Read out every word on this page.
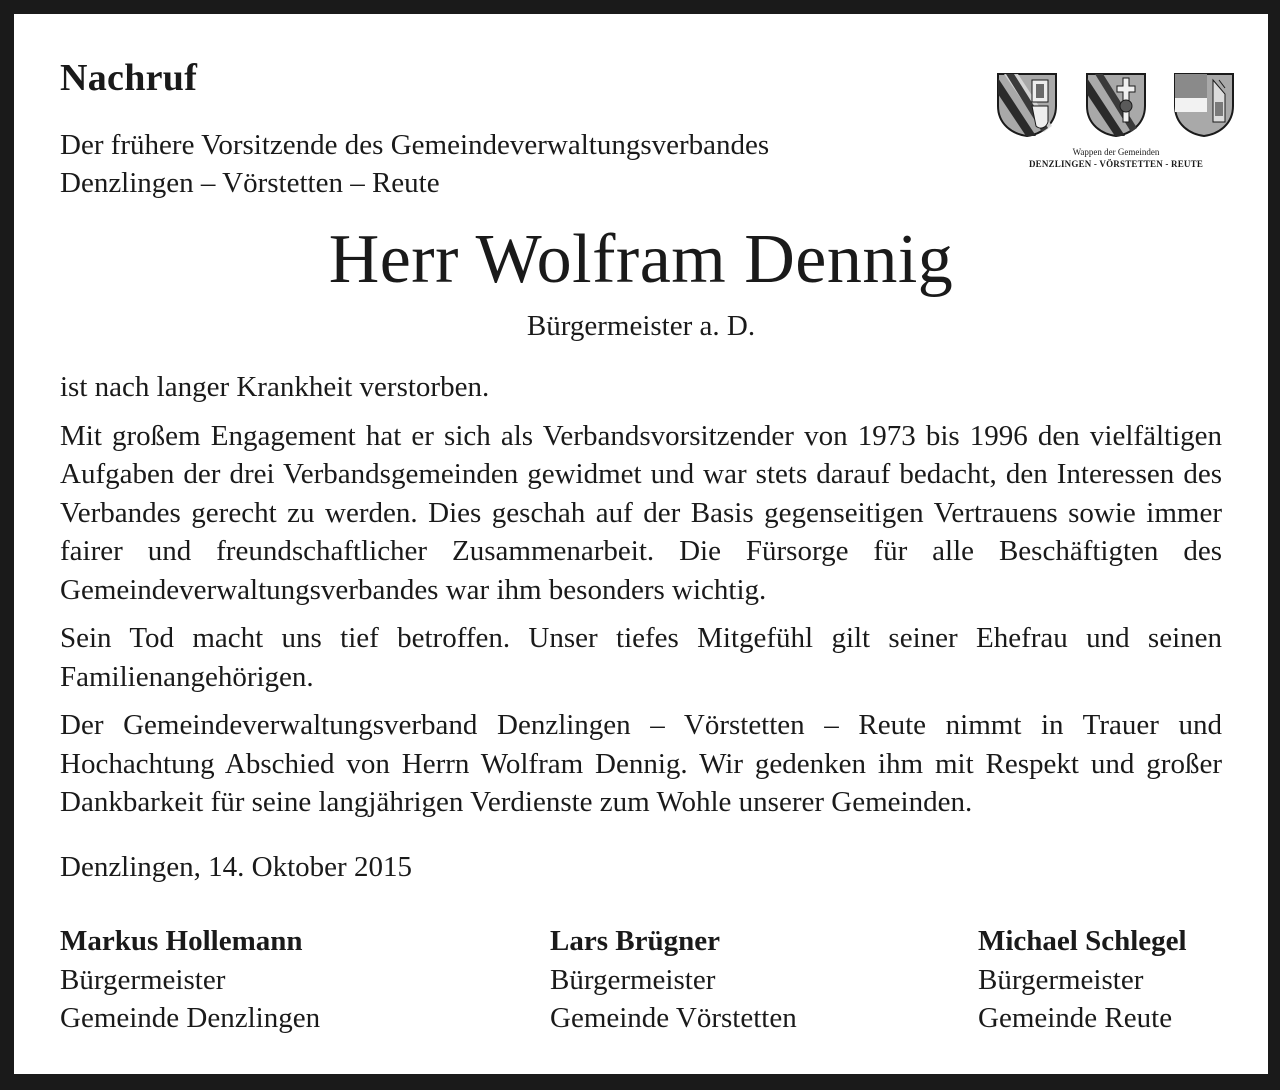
Wappen der Gemeinden
DENZLINGEN - VÖRSTETTEN - REUTE
Nachruf
Der frühere Vorsitzende des Gemeindeverwaltungsverbandes
Denzlingen – Vörstetten – Reute
Herr Wolfram Dennig
Bürgermeister a. D.

ist nach langer Krankheit verstorben.

Mit großem Engagement hat er sich als Verbandsvorsitzender von 1973 bis 1996 den vielfältigen Aufgaben der drei Verbandsgemeinden gewidmet und war stets darauf bedacht, den Interessen des Verbandes gerecht zu werden. Dies geschah auf der Basis gegenseitigen Vertrauens sowie immer fairer und freundschaftlicher Zusammenarbeit. Die Fürsorge für alle Beschäftigten des Gemeindeverwaltungsverbandes war ihm besonders wichtig.

Sein Tod macht uns tief betroffen. Unser tiefes Mitgefühl gilt seiner Ehefrau und seinen Familienangehörigen.

Der Gemeindeverwaltungsverband Denzlingen – Vörstetten – Reute nimmt in Trauer und Hochachtung Abschied von Herrn Wolfram Dennig. Wir gedenken ihm mit Respekt und großer Dankbarkeit für seine langjährigen Verdienste zum Wohle unserer Gemeinden.

Denzlingen, 14. Oktober 2015
Markus Hollemann
Bürgermeister
Gemeinde Denzlingen
Lars Brügner
Bürgermeister
Gemeinde Vörstetten
Michael Schlegel
Bürgermeister
Gemeinde Reute
